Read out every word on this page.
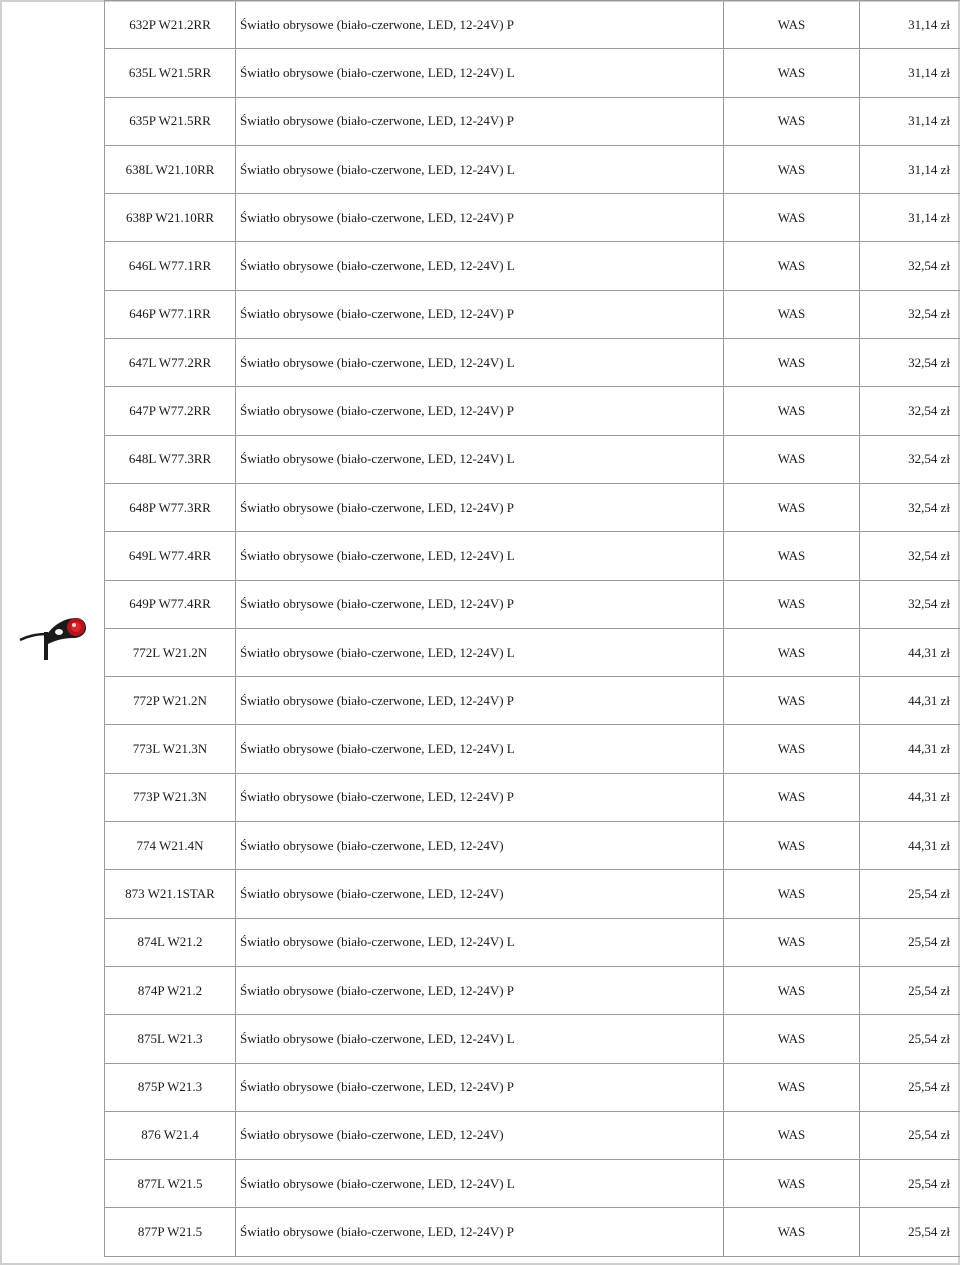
632P W21.2RR	Światło obrysowe (biało-czerwone, LED, 12-24V) P	WAS	31,14 zł
635L W21.5RR	Światło obrysowe (biało-czerwone, LED, 12-24V) L	WAS	31,14 zł
635P W21.5RR	Światło obrysowe (biało-czerwone, LED, 12-24V) P	WAS	31,14 zł
638L W21.10RR	Światło obrysowe (biało-czerwone, LED, 12-24V) L	WAS	31,14 zł
638P W21.10RR	Światło obrysowe (biało-czerwone, LED, 12-24V) P	WAS	31,14 zł
646L W77.1RR	Światło obrysowe (biało-czerwone, LED, 12-24V) L	WAS	32,54 zł
646P W77.1RR	Światło obrysowe (biało-czerwone, LED, 12-24V) P	WAS	32,54 zł
647L W77.2RR	Światło obrysowe (biało-czerwone, LED, 12-24V) L	WAS	32,54 zł
647P W77.2RR	Światło obrysowe (biało-czerwone, LED, 12-24V) P	WAS	32,54 zł
648L W77.3RR	Światło obrysowe (biało-czerwone, LED, 12-24V) L	WAS	32,54 zł
648P W77.3RR	Światło obrysowe (biało-czerwone, LED, 12-24V) P	WAS	32,54 zł
649L W77.4RR	Światło obrysowe (biało-czerwone, LED, 12-24V) L	WAS	32,54 zł
649P W77.4RR	Światło obrysowe (biało-czerwone, LED, 12-24V) P	WAS	32,54 zł
772L W21.2N	Światło obrysowe (biało-czerwone, LED, 12-24V) L	WAS	44,31 zł
772P W21.2N	Światło obrysowe (biało-czerwone, LED, 12-24V) P	WAS	44,31 zł
773L W21.3N	Światło obrysowe (biało-czerwone, LED, 12-24V) L	WAS	44,31 zł
773P W21.3N	Światło obrysowe (biało-czerwone, LED, 12-24V) P	WAS	44,31 zł
774 W21.4N	Światło obrysowe (biało-czerwone, LED, 12-24V)	WAS	44,31 zł
873 W21.1STAR	Światło obrysowe (biało-czerwone, LED, 12-24V)	WAS	25,54 zł
874L W21.2	Światło obrysowe (biało-czerwone, LED, 12-24V) L	WAS	25,54 zł
874P W21.2	Światło obrysowe (biało-czerwone, LED, 12-24V) P	WAS	25,54 zł
875L W21.3	Światło obrysowe (biało-czerwone, LED, 12-24V) L	WAS	25,54 zł
875P W21.3	Światło obrysowe (biało-czerwone, LED, 12-24V) P	WAS	25,54 zł
876 W21.4	Światło obrysowe (biało-czerwone, LED, 12-24V)	WAS	25,54 zł
877L W21.5	Światło obrysowe (biało-czerwone, LED, 12-24V) L	WAS	25,54 zł
877P W21.5	Światło obrysowe (biało-czerwone, LED, 12-24V) P	WAS	25,54 zł
